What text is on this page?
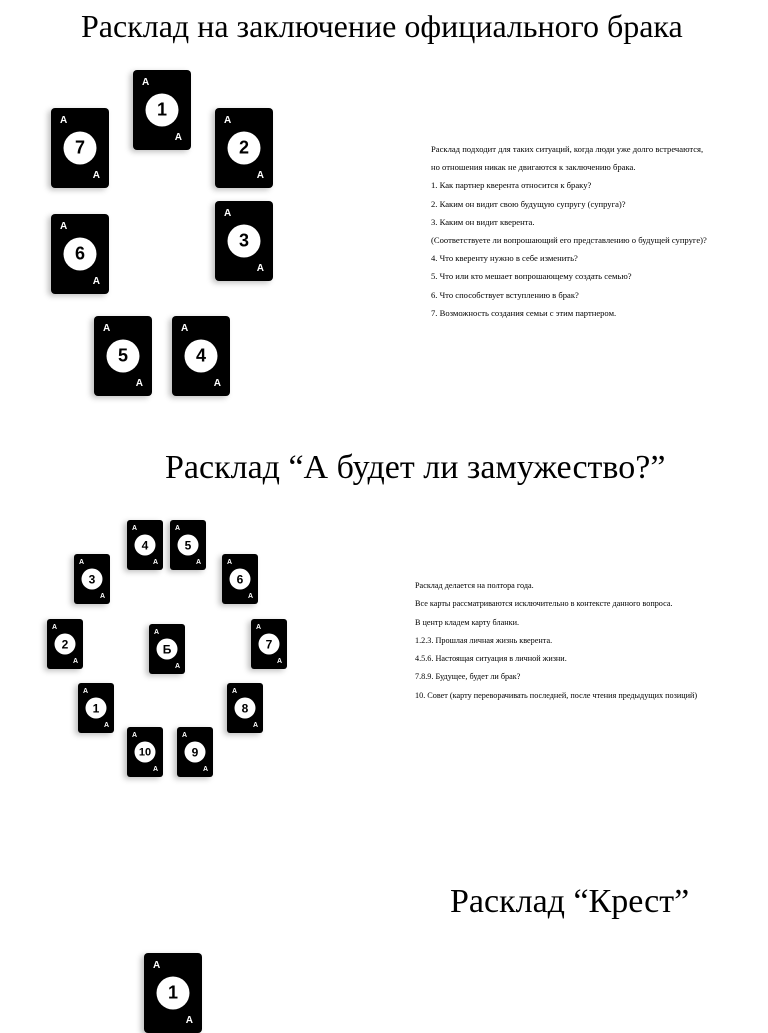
Расклад на заключение официального брака
A
1
A
A
2
A
A
3
A
A
4
A
A
5
A
A
6
A
A
7
A
Расклад подходит для таких ситуаций, когда люди уже долго встречаются,
но отношения никак не двигаются к заключению брака.
1. Как партнер кверента относится к браку?
2. Каким он видит свою будущую супругу (супруга)?
3. Каким он видит кверента.
(Соответствуете ли вопрошающий его представлению о будущей супруге)?
4. Что кверенту нужно в себе изменить?
5. Что или кто мешает вопрошающему создать семью?
6. Что способствует вступлению в брак?
7. Возможность создания семьи с этим партнером.
Расклад “А будет ли замужество?”
A
4
A
A
5
A
A
3
A
A
6
A
A
2
A
A
Б
A
A
7
A
A
1
A
A
8
A
A
10
A
A
9
A
Расклад делается на полтора года.
Все карты рассматриваются исключительно в контексте данного вопроса.
В центр кладем карту бланки.
1.2.3. Прошлая личная жизнь кверента.
4.5.6. Настоящая ситуация в личной жизни.
7.8.9. Будущее, будет ли брак?
10. Совет (карту переворачивать последней, после чтения предыдущих позиций)
Расклад “Крест”
A
1
A
